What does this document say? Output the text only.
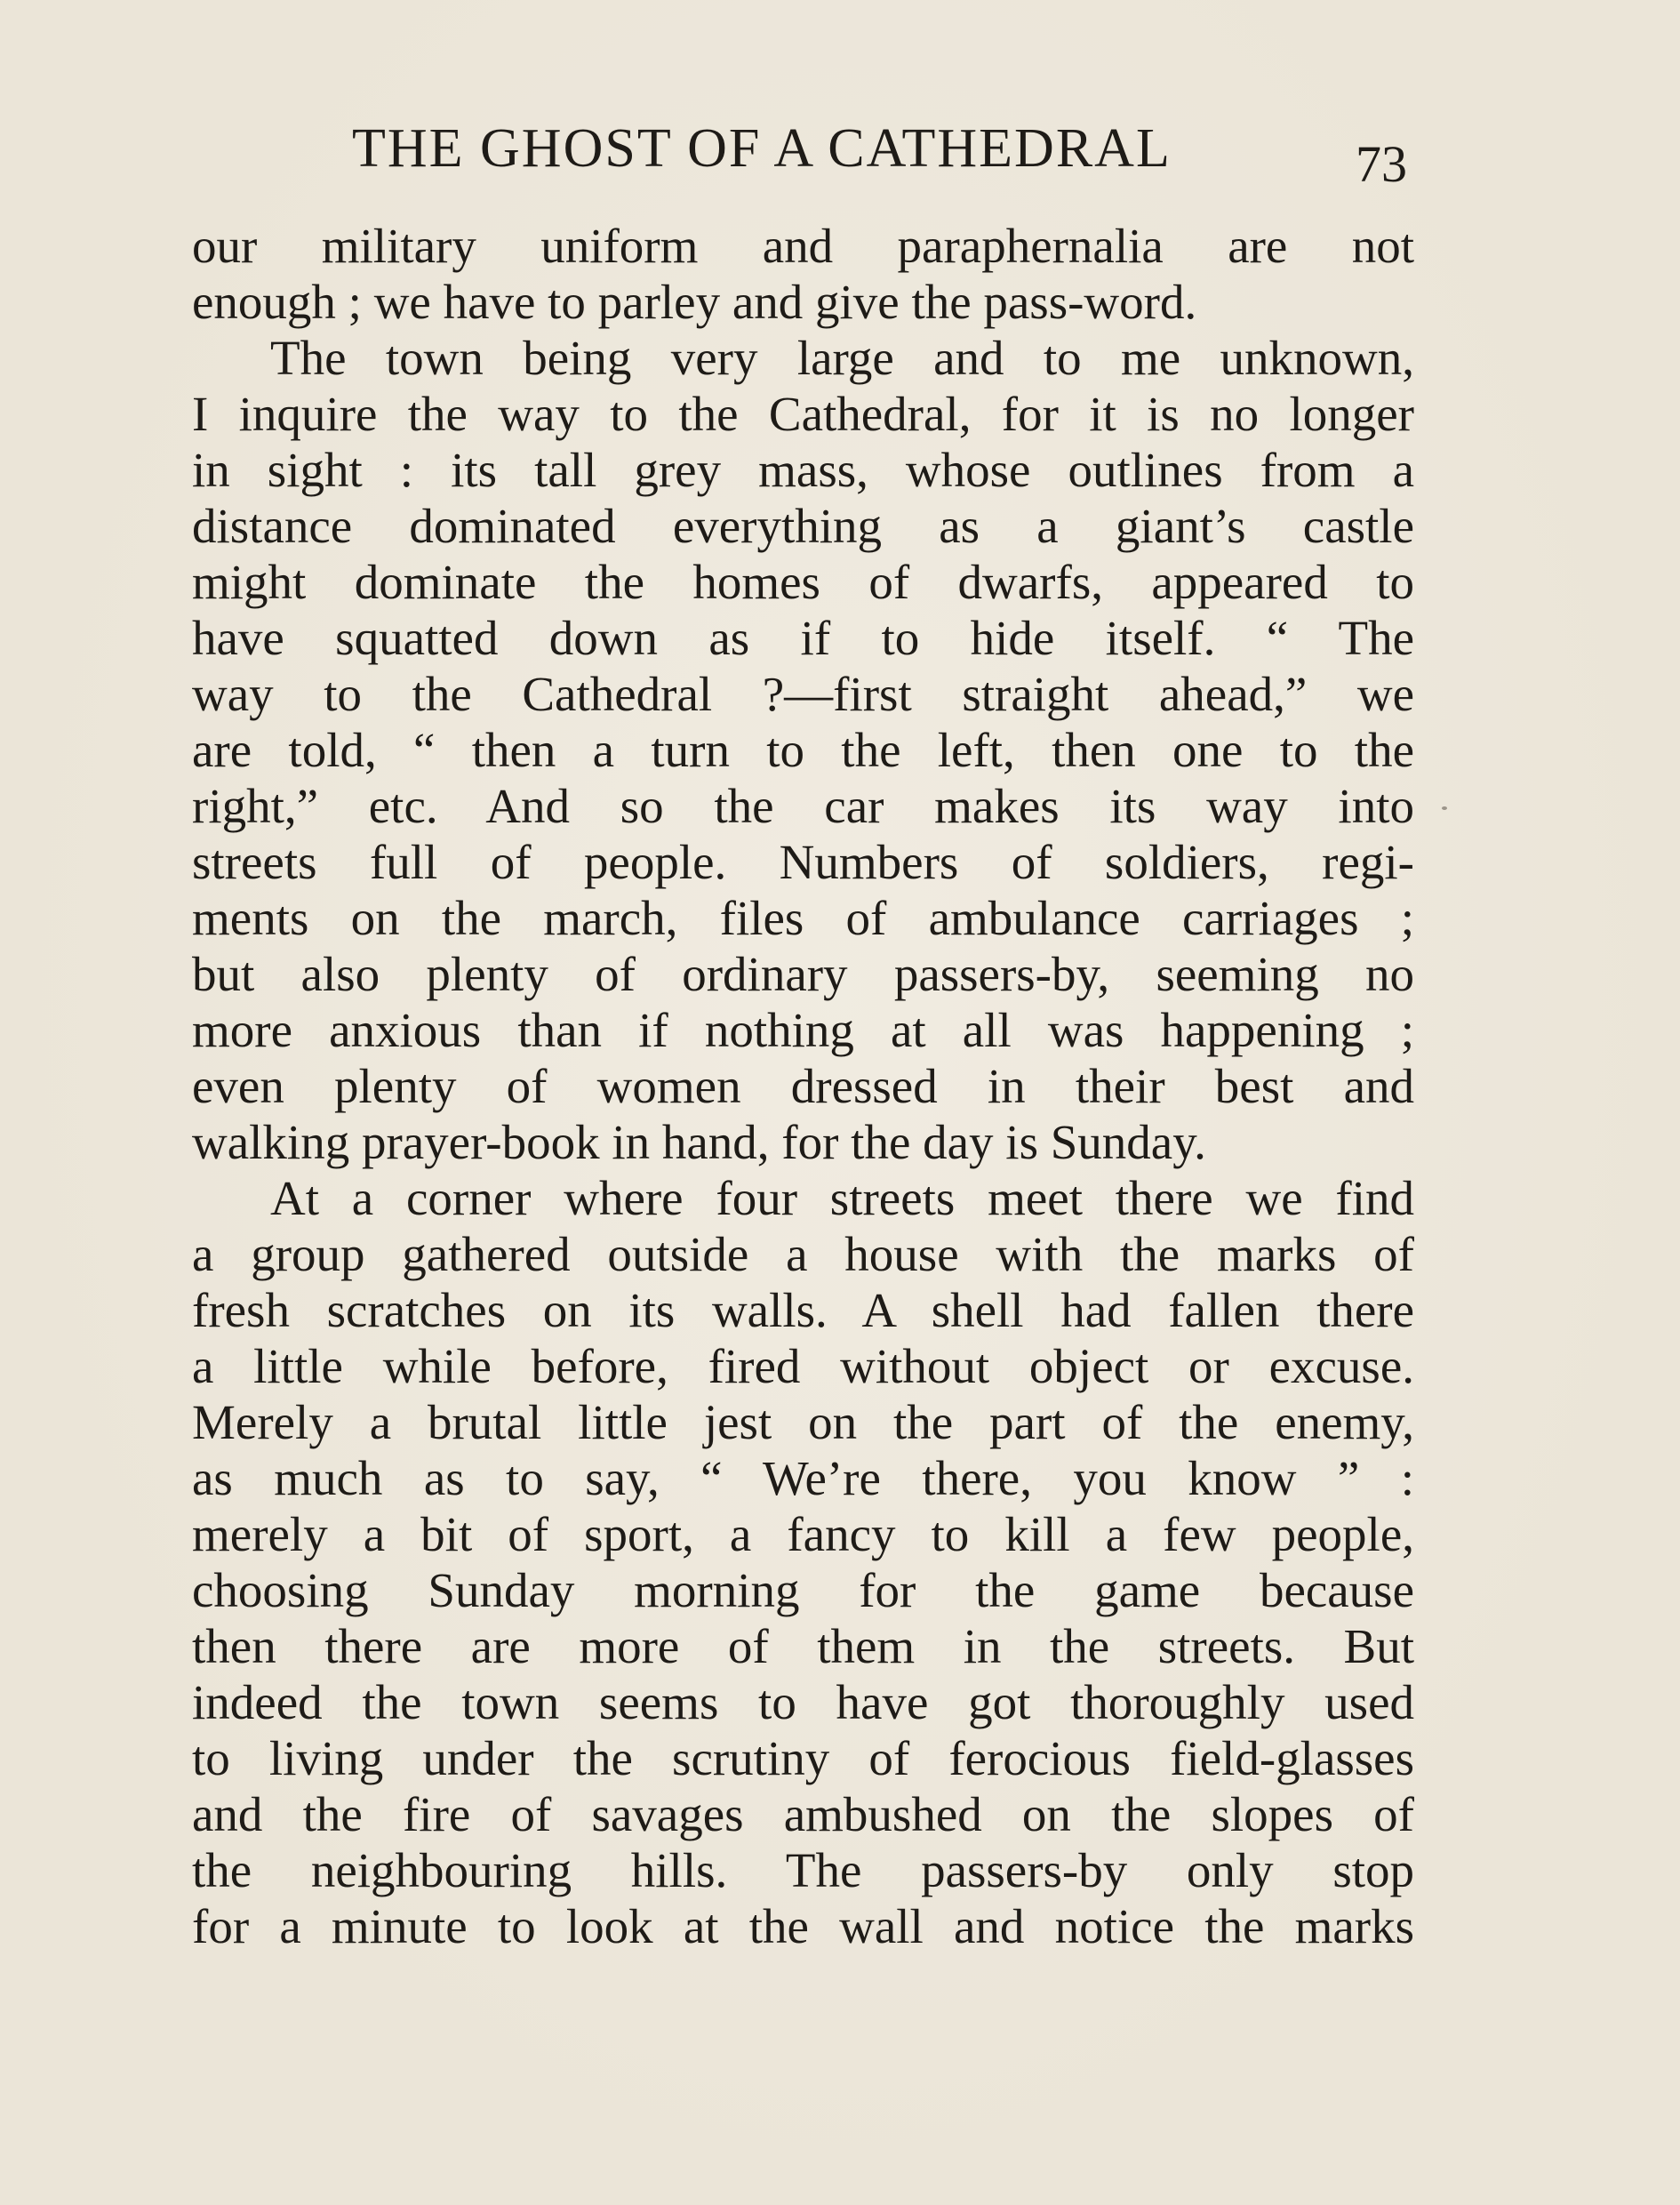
THE GHOST OF A CATHEDRAL	73
our military uniform and paraphernalia are not
enough ; we have to parley and give the pass-word.
The town being very large and to me unknown,
I inquire the way to the Cathedral, for it is no longer
in sight : its tall grey mass, whose outlines from a
distance dominated everything as a giant’s castle
might dominate the homes of dwarfs, appeared to
have squatted down as if to hide itself. “ The
way to the Cathedral ?—first straight ahead,” we
are told, “ then a turn to the left, then one to the
right,” etc. And so the car makes its way into
streets full of people. Numbers of soldiers, regi-
ments on the march, files of ambulance carriages ;
but also plenty of ordinary passers-by, seeming no
more anxious than if nothing at all was happening ;
even plenty of women dressed in their best and
walking prayer-book in hand, for the day is Sunday.
At a corner where four streets meet there we find
a group gathered outside a house with the marks of
fresh scratches on its walls. A shell had fallen there
a little while before, fired without object or excuse.
Merely a brutal little jest on the part of the enemy,
as much as to say, “ We’re there, you know ” :
merely a bit of sport, a fancy to kill a few people,
choosing Sunday morning for the game because
then there are more of them in the streets. But
indeed the town seems to have got thoroughly used
to living under the scrutiny of ferocious field-glasses
and the fire of savages ambushed on the slopes of
the neighbouring hills. The passers-by only stop
for a minute to look at the wall and notice the marks
